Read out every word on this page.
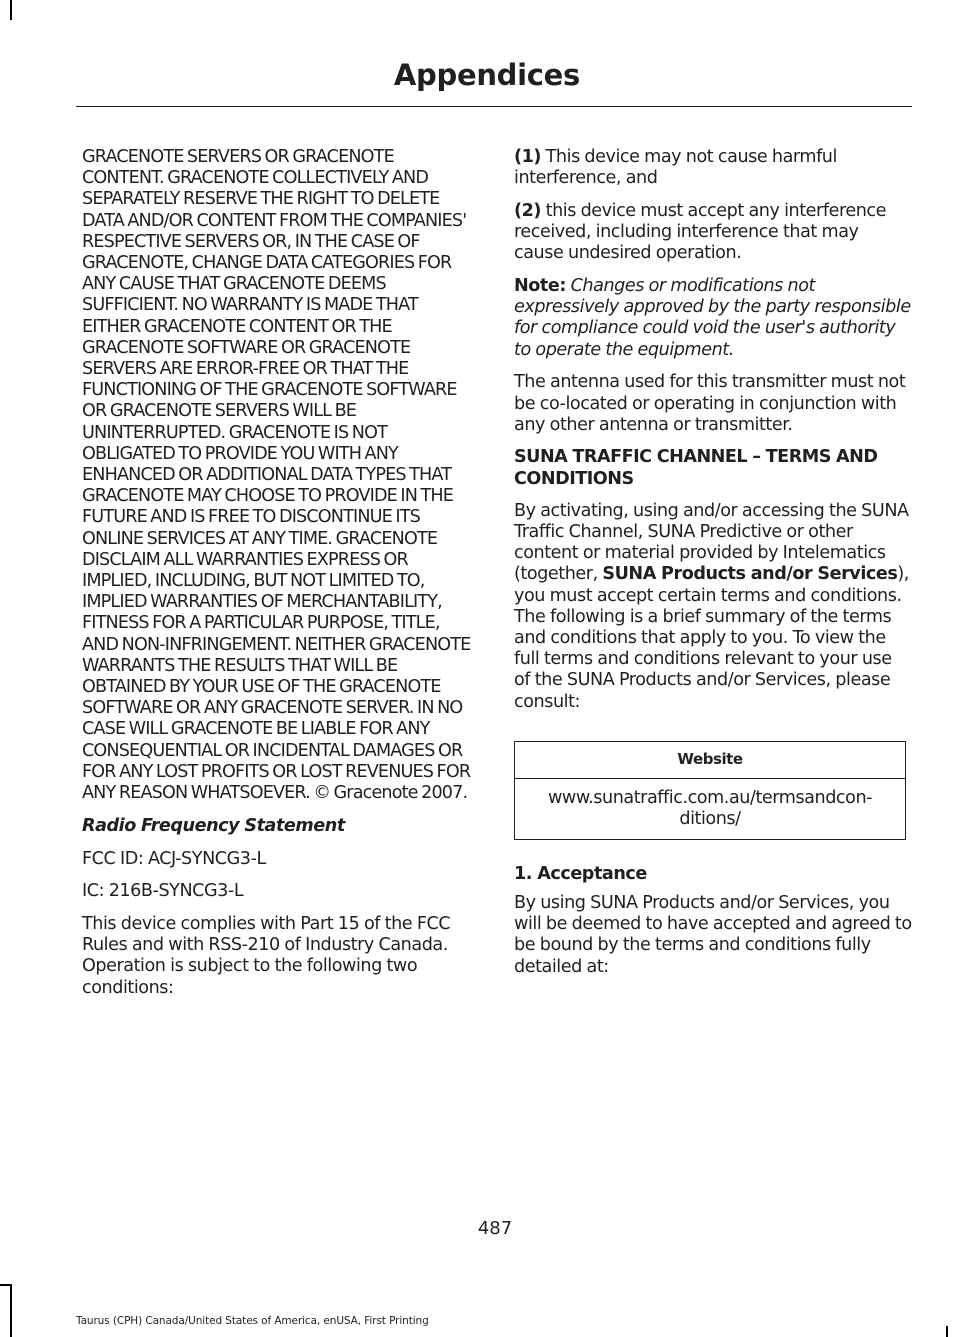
Appendices

GRACENOTE SERVERS OR GRACENOTE CONTENT. GRACENOTE COLLECTIVELY AND SEPARATELY RESERVE THE RIGHT TO DELETE DATA AND/OR CONTENT FROM THE COMPANIES' RESPECTIVE SERVERS OR, IN THE CASE OF GRACENOTE, CHANGE DATA CATEGORIES FOR ANY CAUSE THAT GRACENOTE DEEMS SUFFICIENT. NO WARRANTY IS MADE THAT EITHER GRACENOTE CONTENT OR THE GRACENOTE SOFTWARE OR GRACENOTE SERVERS ARE ERROR-FREE OR THAT THE FUNCTIONING OF THE GRACENOTE SOFTWARE OR GRACENOTE SERVERS WILL BE UNINTERRUPTED. GRACENOTE IS NOT OBLIGATED TO PROVIDE YOU WITH ANY ENHANCED OR ADDITIONAL DATA TYPES THAT GRACENOTE MAY CHOOSE TO PROVIDE IN THE FUTURE AND IS FREE TO DISCONTINUE ITS ONLINE SERVICES AT ANY TIME. GRACENOTE DISCLAIM ALL WARRANTIES EXPRESS OR IMPLIED, INCLUDING, BUT NOT LIMITED TO, IMPLIED WARRANTIES OF MERCHANTABILITY, FITNESS FOR A PARTICULAR PURPOSE, TITLE, AND NON-INFRINGEMENT. NEITHER GRACENOTE WARRANTS THE RESULTS THAT WILL BE OBTAINED BY YOUR USE OF THE GRACENOTE SOFTWARE OR ANY GRACENOTE SERVER. IN NO CASE WILL GRACENOTE BE LIABLE FOR ANY CONSEQUENTIAL OR INCIDENTAL DAMAGES OR FOR ANY LOST PROFITS OR LOST REVENUES FOR ANY REASON WHATSOEVER. © Gracenote 2007.

Radio Frequency Statement

FCC ID: ACJ-SYNCG3-L

IC: 216B-SYNCG3-L

This device complies with Part 15 of the FCC Rules and with RSS-210 of Industry Canada. Operation is subject to the following two conditions:

(1) This device may not cause harmful interference, and

(2) this device must accept any interference received, including interference that may cause undesired operation.

Note: Changes or modifications not expressively approved by the party responsible for compliance could void the user's authority to operate the equipment.

The antenna used for this transmitter must not be co-located or operating in conjunction with any other antenna or transmitter.

SUNA TRAFFIC CHANNEL – TERMS AND CONDITIONS

By activating, using and/or accessing the SUNA Traffic Channel, SUNA Predictive or other content or material provided by Intelematics (together, SUNA Products and/or Services), you must accept certain terms and conditions. The following is a brief summary of the terms and conditions that apply to you. To view the full terms and conditions relevant to your use of the SUNA Products and/or Services, please consult:

Website
www.sunatraffic.com.au/termsandcon-ditions/
1. Acceptance

By using SUNA Products and/or Services, you will be deemed to have accepted and agreed to be bound by the terms and conditions fully detailed at:

487
Taurus (CPH) Canada/United States of America, enUSA, First Printing
